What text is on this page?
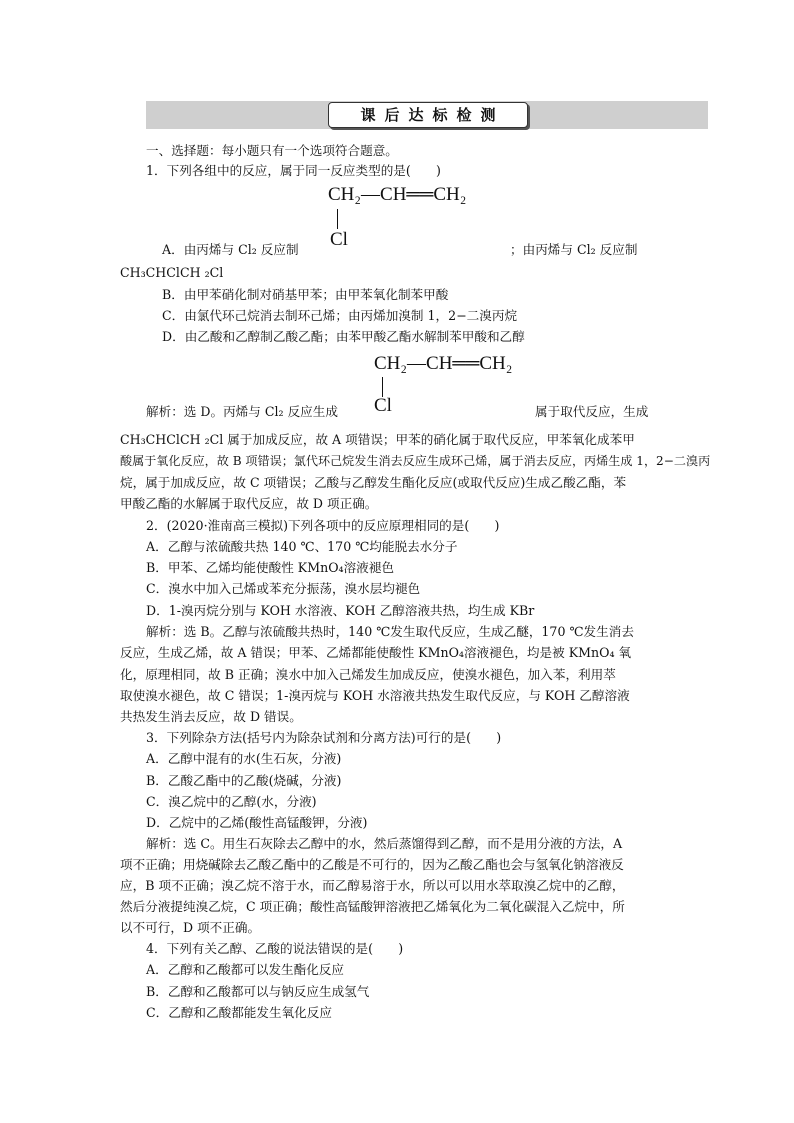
课后达标检测
一、选择题：每小题只有一个选项符合题意。
1．下列各组中的反应，属于同一反应类型的是(　　)
CH₂—CH══CH₂
Cl
A．由丙烯与 Cl₂ 反应制	；由丙烯与 Cl₂ 反应制
CH₃CHClCH ₂Cl
B．由甲苯硝化制对硝基甲苯；由甲苯氧化制苯甲酸
C．由氯代环己烷消去制环己烯；由丙烯加溴制 1，2−二溴丙烷
D．由乙酸和乙醇制乙酸乙酯；由苯甲酸乙酯水解制苯甲酸和乙醇
CH₂—CH══CH₂
Cl
解析：选 D。丙烯与 Cl₂ 反应生成	属于取代反应，生成
CH₃CHClCH ₂Cl 属于加成反应，故 A 项错误；甲苯的硝化属于取代反应，甲苯氧化成苯甲
酸属于氧化反应，故 B 项错误；氯代环己烷发生消去反应生成环己烯，属于消去反应，丙烯生成 1，2−二溴丙
烷，属于加成反应，故 C 项错误；乙酸与乙醇发生酯化反应(或取代反应)生成乙酸乙酯，苯
甲酸乙酯的水解属于取代反应，故 D 项正确。
2．(2020·淮南高三模拟)下列各项中的反应原理相同的是(　　)
A．乙醇与浓硫酸共热 140 ℃、170 ℃均能脱去水分子
B．甲苯、乙烯均能使酸性 KMnO₄溶液褪色
C．溴水中加入己烯或苯充分振荡，溴水层均褪色
D．1-溴丙烷分别与 KOH 水溶液、KOH 乙醇溶液共热，均生成 KBr
解析：选 B。乙醇与浓硫酸共热时，140 ℃发生取代反应，生成乙醚，170 ℃发生消去
反应，生成乙烯，故 A 错误；甲苯、乙烯都能使酸性 KMnO₄溶液褪色，均是被 KMnO₄ 氧
化，原理相同，故 B 正确；溴水中加入己烯发生加成反应，使溴水褪色，加入苯，利用萃
取使溴水褪色，故 C 错误；1-溴丙烷与 KOH 水溶液共热发生取代反应，与 KOH 乙醇溶液
共热发生消去反应，故 D 错误。
3．下列除杂方法(括号内为除杂试剂和分离方法)可行的是(　　)
A．乙醇中混有的水(生石灰，分液)
B．乙酸乙酯中的乙酸(烧碱，分液)
C．溴乙烷中的乙醇(水，分液)
D．乙烷中的乙烯(酸性高锰酸钾，分液)
解析：选 C。用生石灰除去乙醇中的水，然后蒸馏得到乙醇，而不是用分液的方法，A
项不正确；用烧碱除去乙酸乙酯中的乙酸是不可行的，因为乙酸乙酯也会与氢氧化钠溶液反
应，B 项不正确；溴乙烷不溶于水，而乙醇易溶于水，所以可以用水萃取溴乙烷中的乙醇，
然后分液提纯溴乙烷，C 项正确；酸性高锰酸钾溶液把乙烯氧化为二氧化碳混入乙烷中，所
以不可行，D 项不正确。
4．下列有关乙醇、乙酸的说法错误的是(　　)
A．乙醇和乙酸都可以发生酯化反应
B．乙醇和乙酸都可以与钠反应生成氢气
C．乙醇和乙酸都能发生氧化反应
